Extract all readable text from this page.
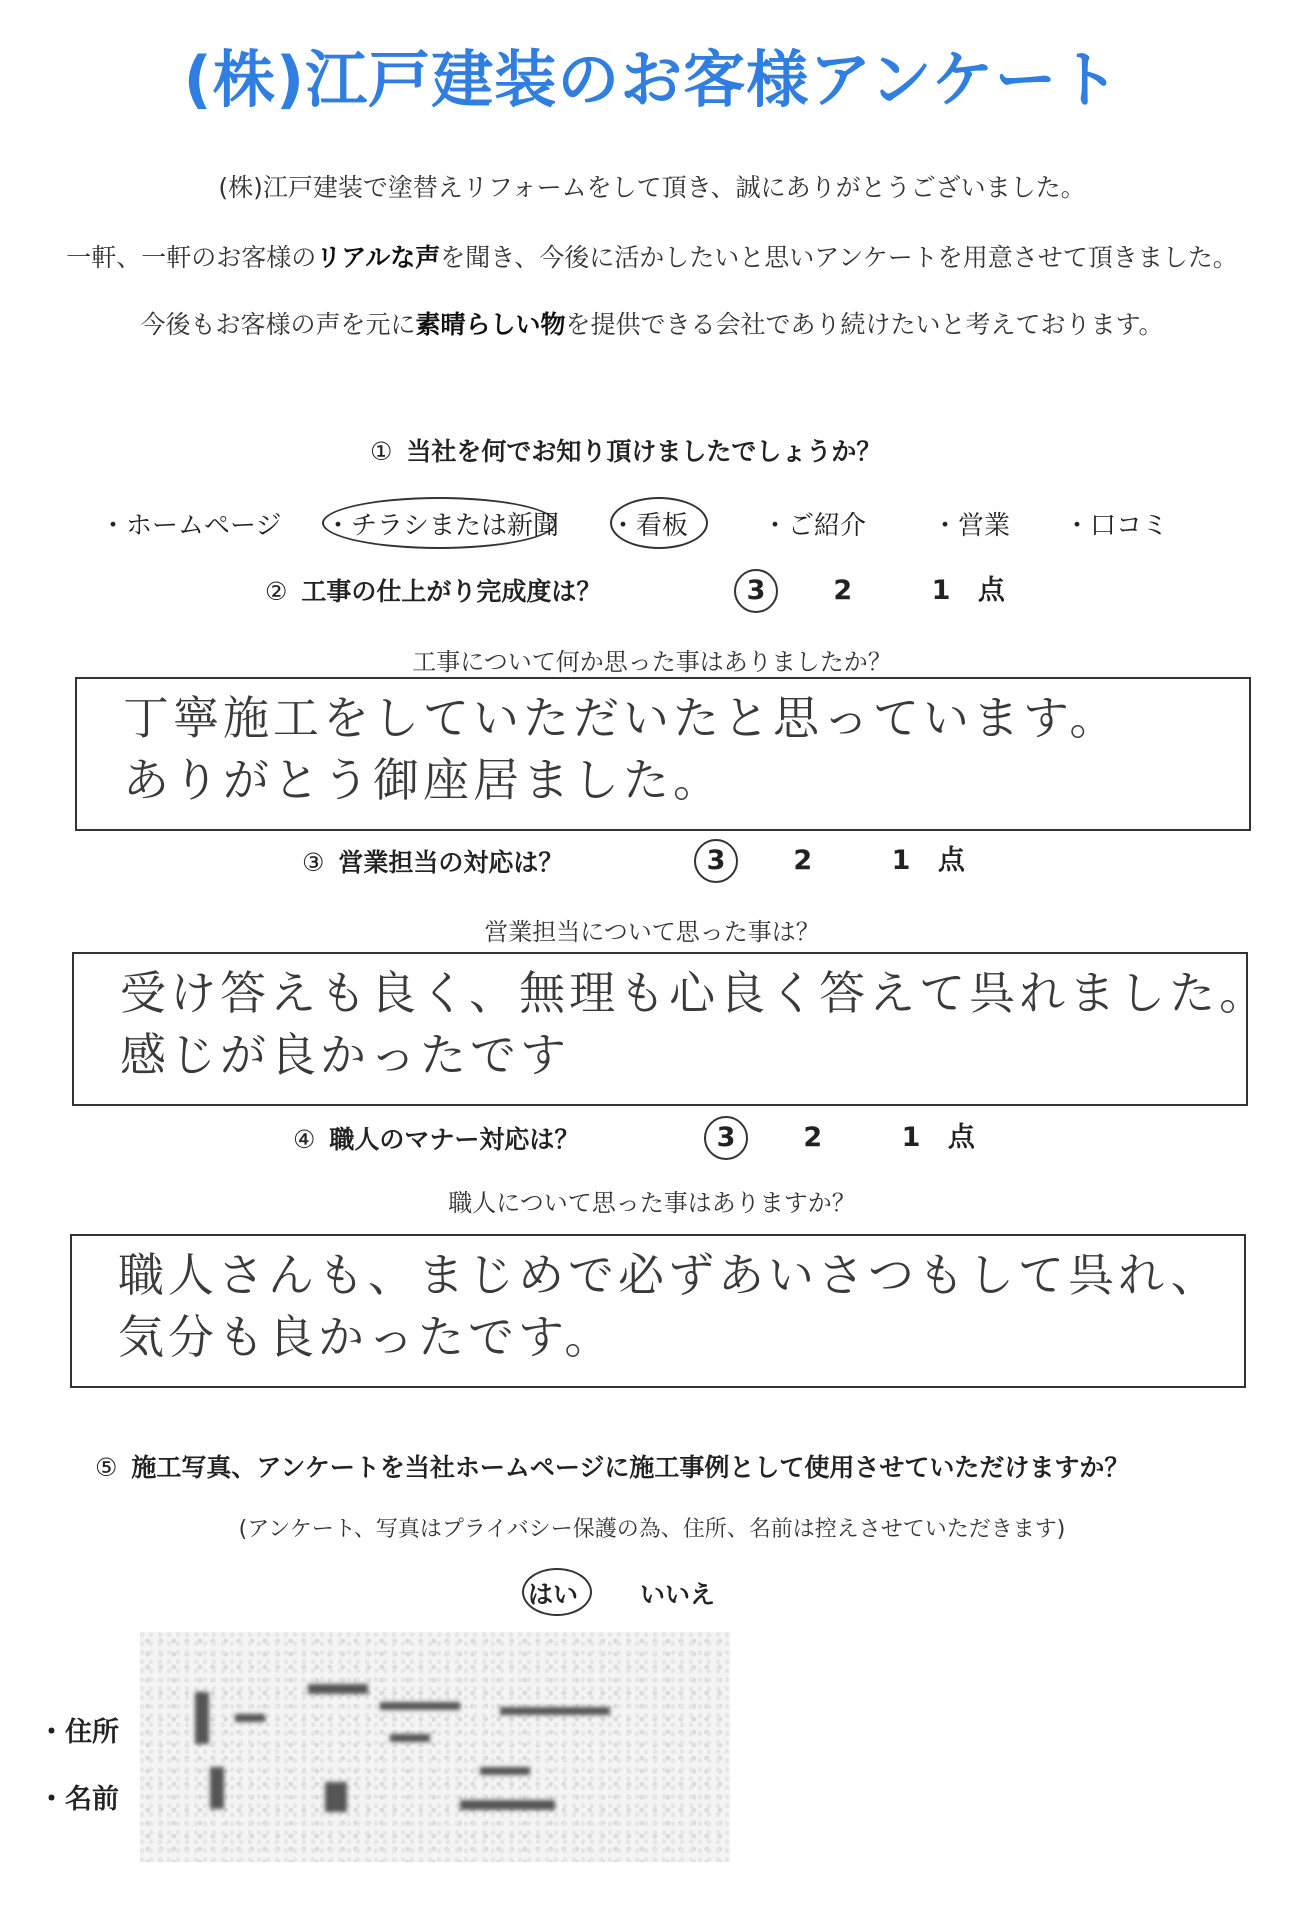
(株)江戸建装のお客様アンケート
(株)江戸建装で塗替えリフォームをして頂き、誠にありがとうございました。
一軒、一軒のお客様のリアルな声を聞き、今後に活かしたいと思いアンケートを用意させて頂きました。
今後もお客様の声を元に素晴らしい物を提供できる会社であり続けたいと考えております。
① 当社を何でお知り頂けましたでしょうか？
・ホームページ ・チラシまたは新聞 ・看板	・ご紹介	・営業 ・口コミ
② 工事の仕上がり完成度は？	3	2	1 点
工事について何か思った事はありましたか？
丁寧施工をしていただいたと思っています。
ありがとう御座居ました。
③ 営業担当の対応は？	3	2	1 点
営業担当について思った事は？
受け答えも良く、無理も心良く答えて呉れました。
感じが良かったです
④ 職人のマナー対応は？	3	2	1 点
職人について思った事はありますか？
職人さんも、まじめで必ずあいさつもして呉れ、
気分も良かったです。
⑤ 施工写真、アンケートを当社ホームページに施工事例として使用させていただけますか？
(アンケート、写真はプライバシー保護の為、住所、名前は控えさせていただきます)
はい いいえ
・住所
・名前
